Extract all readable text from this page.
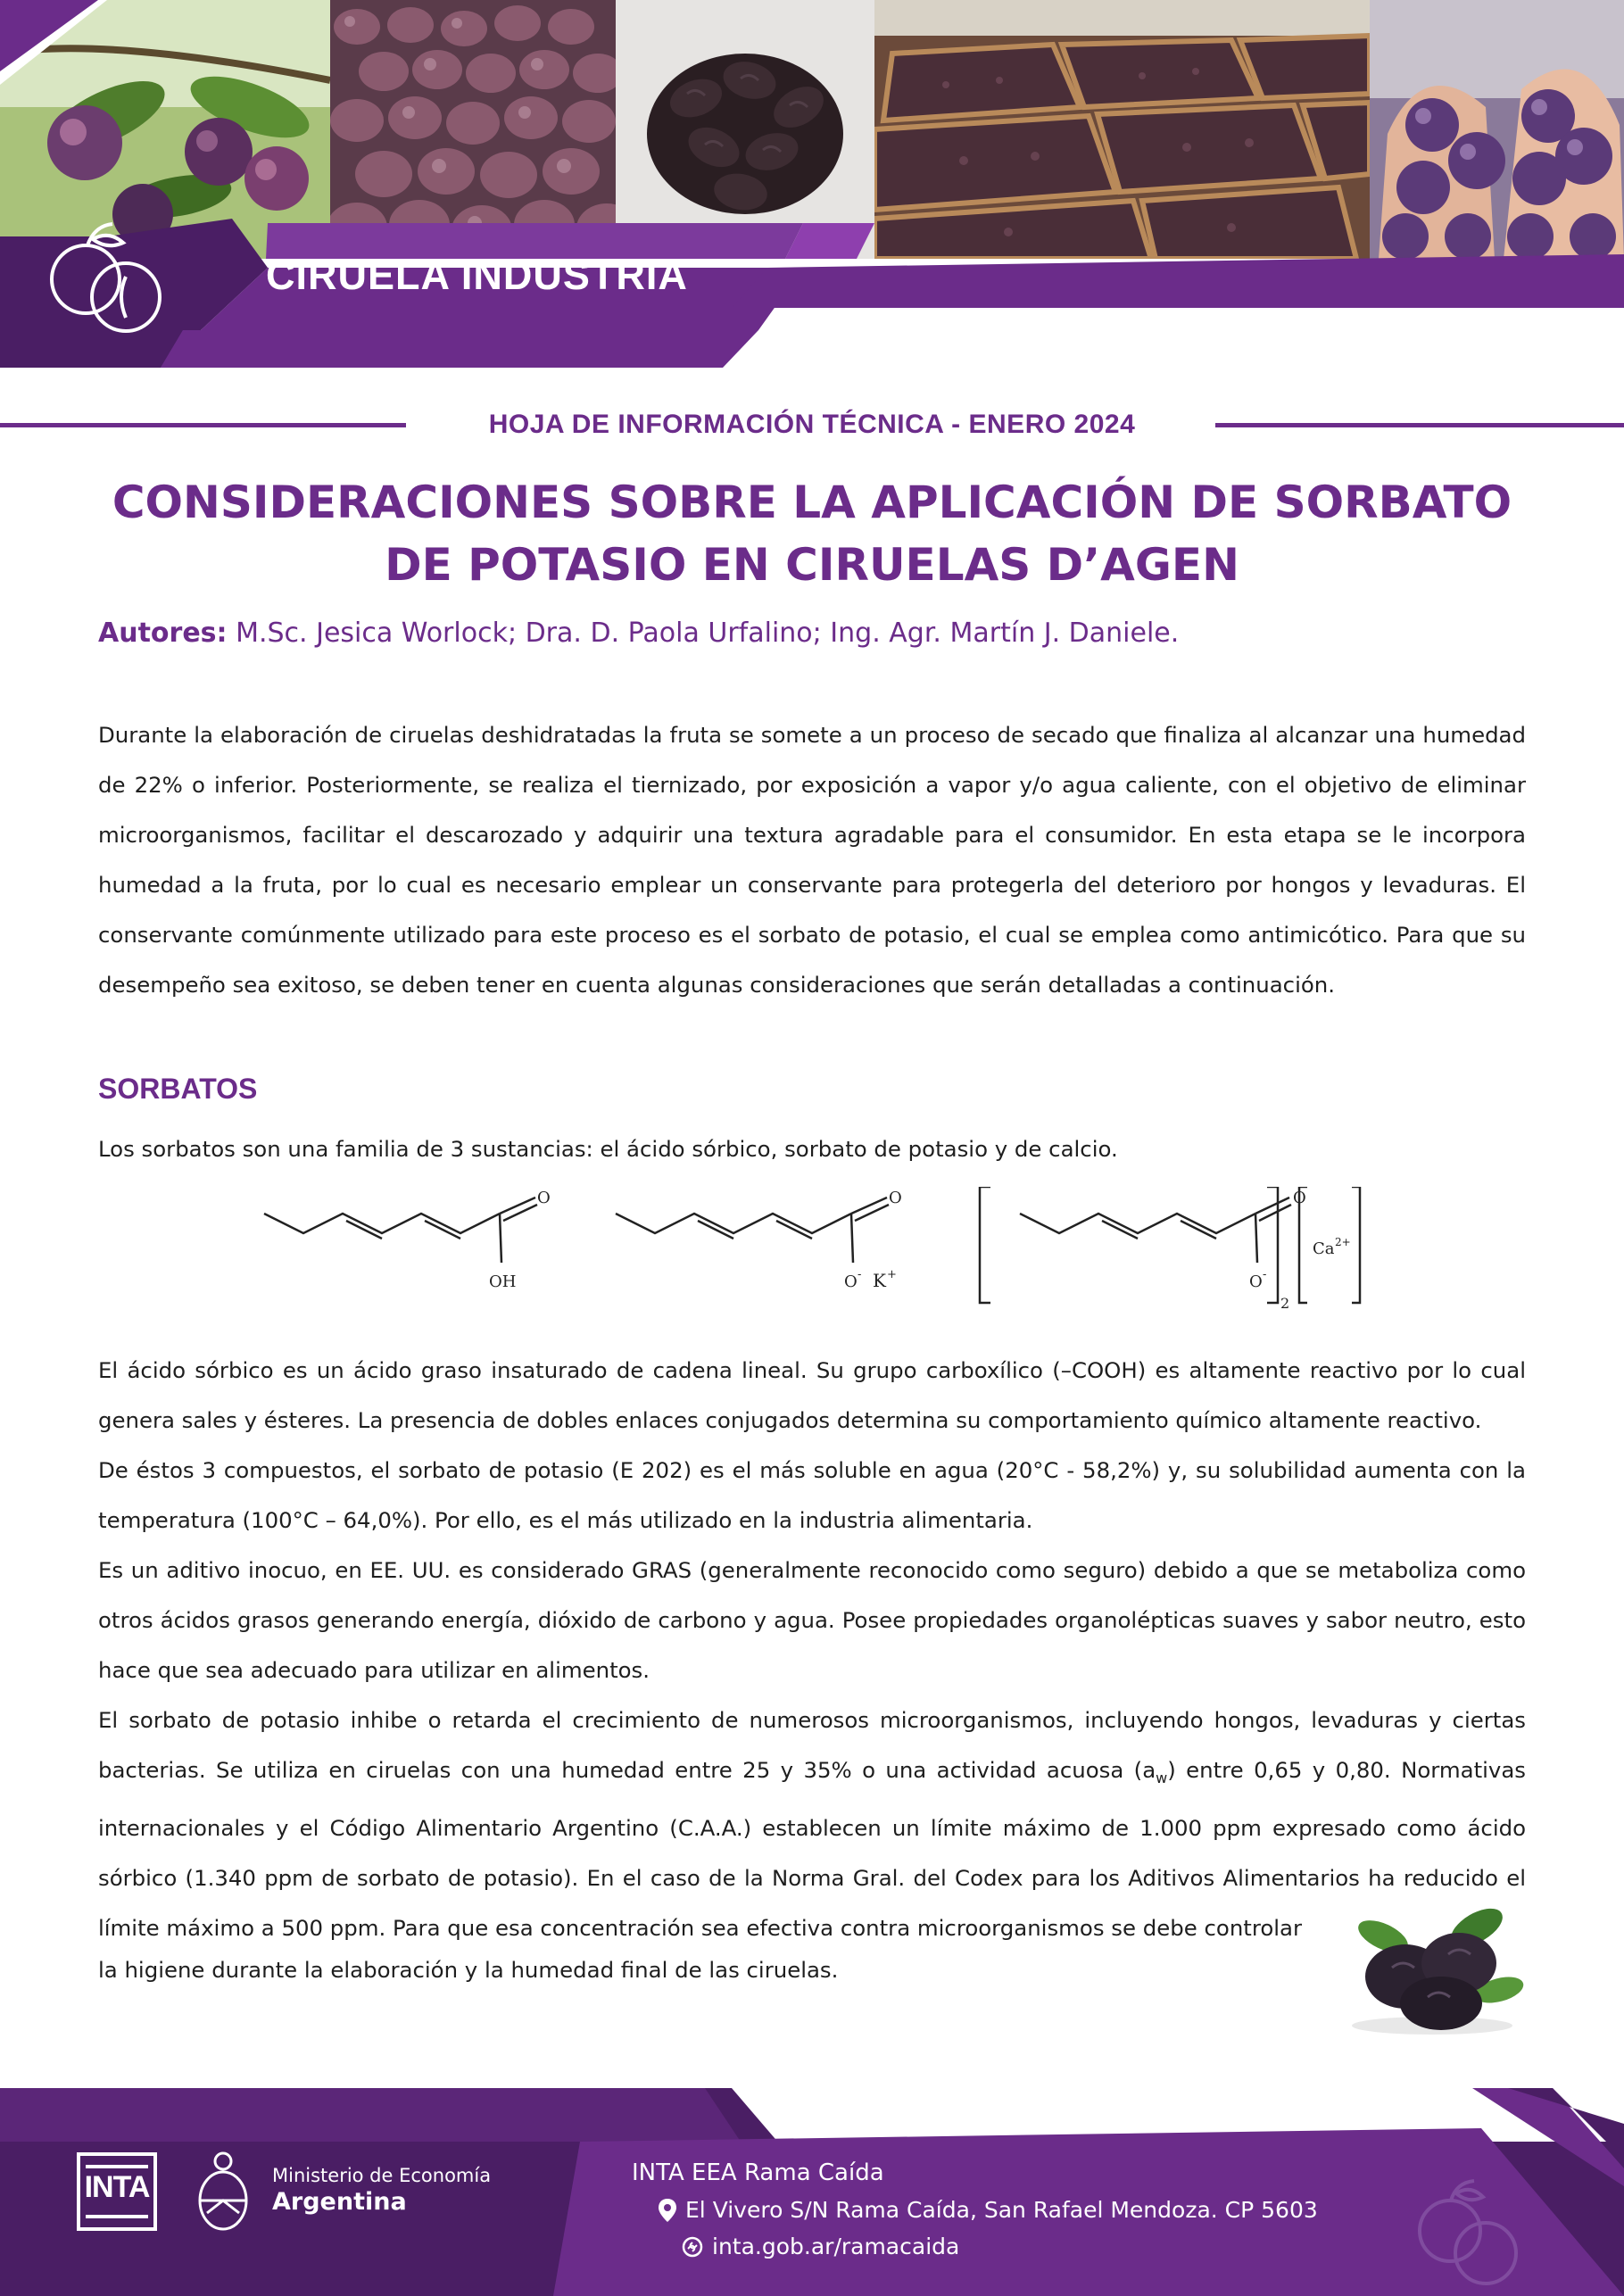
CIRUELA INDUSTRIA
HOJA DE INFORMACIÓN TÉCNICA - ENERO 2024
CONSIDERACIONES SOBRE LA APLICACIÓN DE SORBATO
DE POTASIO EN CIRUELAS D’AGEN
Autores: M.Sc. Jesica Worlock; Dra. D. Paola Urfalino; Ing. Agr. Martín J. Daniele.
Durante la elaboración de ciruelas deshidratadas la fruta se somete a un proceso de secado que finaliza al alcanzar una humedad de 22% o inferior. Posteriormente, se realiza el tiernizado, por exposición a vapor y/o agua caliente, con el objetivo de eliminar microorganismos, facilitar el descarozado y adquirir una textura agradable para el consumidor. En esta etapa se le incorpora humedad a la fruta, por lo cual es necesario emplear un conservante para protegerla del deterioro por hongos y levaduras. El conservante comúnmente utilizado para este proceso es el sorbato de potasio, el cual se emplea como antimicótico. Para que su desempeño sea exitoso, se deben tener en cuenta algunas consideraciones que serán detalladas a continuación.
SORBATOS
Los sorbatos son una familia de 3 sustancias: el ácido sórbico, sorbato de potasio y de calcio.
O
OH
O
O - K +
O
O -
2
Ca 2+
El ácido sórbico es un ácido graso insaturado de cadena lineal. Su grupo carboxílico (–COOH) es altamente reactivo por lo cual genera sales y ésteres. La presencia de dobles enlaces conjugados determina su comportamiento químico altamente reactivo.
De éstos 3 compuestos, el sorbato de potasio (E 202) es el más soluble en agua (20°C - 58,2%) y, su solubilidad aumenta con la temperatura (100°C – 64,0%). Por ello, es el más utilizado en la industria alimentaria.
Es un aditivo inocuo, en EE. UU. es considerado GRAS (generalmente reconocido como seguro) debido a que se metaboliza como otros ácidos grasos generando energía, dióxido de carbono y agua. Posee propiedades organolépticas suaves y sabor neutro, esto hace que sea adecuado para utilizar en alimentos.
El sorbato de potasio inhibe o retarda el crecimiento de numerosos microorganismos, incluyendo hongos, levaduras y ciertas bacterias. Se utiliza en ciruelas con una humedad entre 25 y 35% o una actividad acuosa $(a_w)$ entre 0,65 y 0,80. Normativas internacionales y el Código Alimentario Argentino (C.A.A.) establecen un límite máximo de 1.000 ppm expresado como ácido sórbico (1.340 ppm de sorbato de potasio). En el caso de la Norma Gral. del Codex para los Aditivos Alimentarios ha reducido el límite máximo a 500 ppm. Para que esa concentración sea efectiva contra microorganismos se debe controlar
la higiene durante la elaboración y la humedad final de las ciruelas.
INTA	Ministerio de Economía
Argentina
INTA EEA Rama Caída
El Vivero S/N Rama Caída, San Rafael Mendoza. CP 5603
inta.gob.ar/ramacaida
